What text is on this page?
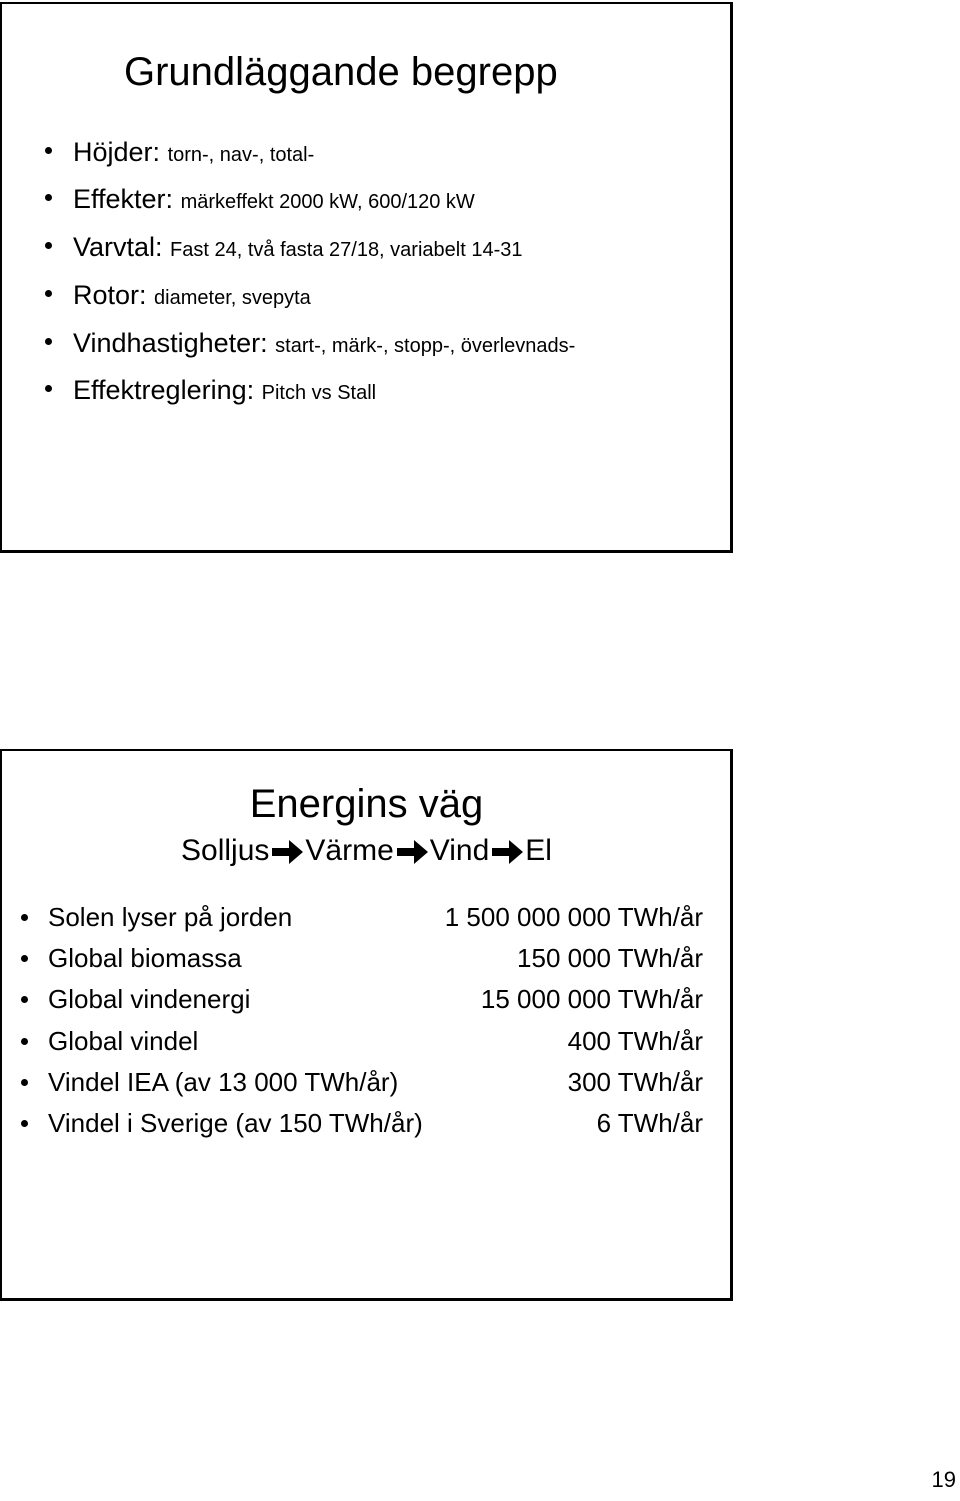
Grundläggande begrepp
Höjder: torn-, nav-, total-
Effekter: märkeffekt 2000 kW, 600/120 kW
Varvtal: Fast 24, två fasta 27/18, variabelt 14-31
Rotor: diameter, svepyta
Vindhastigheter: start-, märk-, stopp-, överlevnads-
Effektreglering: Pitch vs Stall
Energins väg
Solljus Värme Vind El
Solen lyser på jorden	1 500 000 000 TWh/år
Global biomassa	150 000 TWh/år
Global vindenergi	15 000 000 TWh/år
Global vindel	400 TWh/år
Vindel IEA (av 13 000 TWh/år)	300 TWh/år
Vindel i Sverige (av 150 TWh/år)	6 TWh/år
19
